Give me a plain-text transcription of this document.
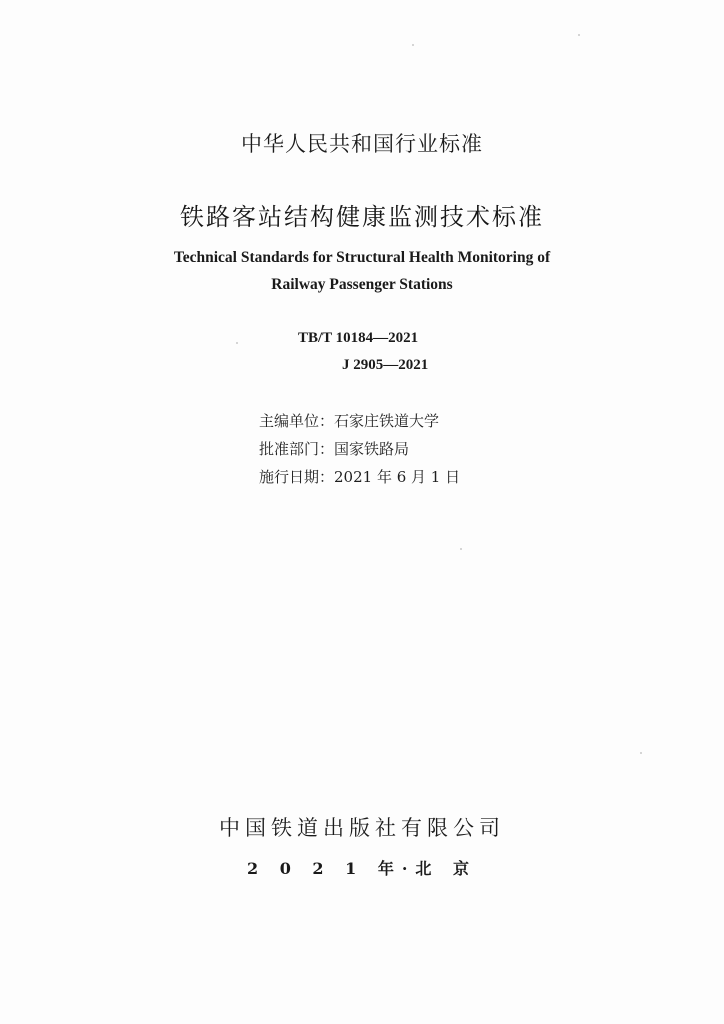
中华人民共和国行业标准
铁路客站结构健康监测技术标准
Technical Standards for Structural Health Monitoring of
Railway Passenger Stations
TB/T 10184—2021
J 2905—2021
主编单位：石家庄铁道大学
批准部门：国家铁路局
施行日期：2021 年 6 月 1 日
中国铁道出版社有限公司
2 0 2 1 年·北 京
